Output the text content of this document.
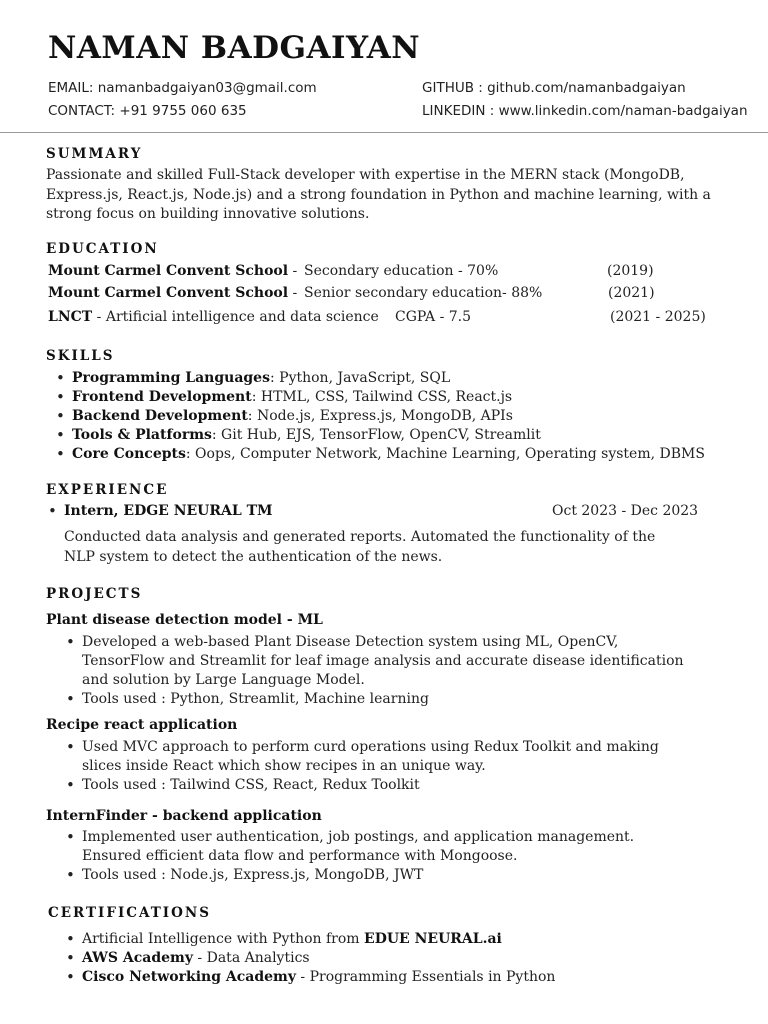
NAMAN BADGAIYAN
EMAIL: namanbadgaiyan03@gmail.com
CONTACT: +91 9755 060 635
GITHUB : github.com/namanbadgaiyan
LINKEDIN : www.linkedin.com/naman-badgaiyan
SUMMARY
Passionate and skilled Full-Stack developer with expertise in the MERN stack (MongoDB,
Express.js, React.js, Node.js) and a strong foundation in Python and machine learning, with a
strong focus on building innovative solutions.
EDUCATION
Mount Carmel Convent School - Secondary education - 70%	(2019)
Mount Carmel Convent School - Senior secondary education- 88%	(2021)
LNCT - Artificial intelligence and data science CGPA - 7.5	(2021 - 2025)
SKILLS
• Programming Languages: Python, JavaScript, SQL
• Frontend Development: HTML, CSS, Tailwind CSS, React.js
• Backend Development: Node.js, Express.js, MongoDB, APIs
• Tools & Platforms: Git Hub, EJS, TensorFlow, OpenCV, Streamlit
• Core Concepts: Oops, Computer Network, Machine Learning, Operating system, DBMS
EXPERIENCE
• Intern, EDGE NEURAL TM	Oct 2023 - Dec 2023
Conducted data analysis and generated reports. Automated the functionality of the
NLP system to detect the authentication of the news.
PROJECTS
Plant disease detection model - ML
• Developed a web-based Plant Disease Detection system using ML, OpenCV,
TensorFlow and Streamlit for leaf image analysis and accurate disease identification
and solution by Large Language Model.
• Tools used : Python, Streamlit, Machine learning
Recipe react application
• Used MVC approach to perform curd operations using Redux Toolkit and making
slices inside React which show recipes in an unique way.
• Tools used : Tailwind CSS, React, Redux Toolkit
InternFinder - backend application
• Implemented user authentication, job postings, and application management.
Ensured efficient data flow and performance with Mongoose.
• Tools used : Node.js, Express.js, MongoDB, JWT
CERTIFICATIONS
• Artificial Intelligence with Python from EDUE NEURAL.ai
• AWS Academy - Data Analytics
• Cisco Networking Academy - Programming Essentials in Python
